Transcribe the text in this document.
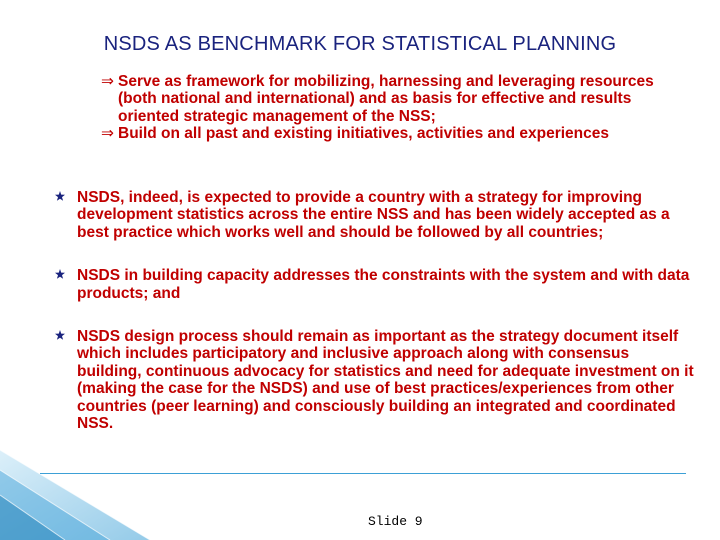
NSDS AS BENCHMARK FOR STATISTICAL PLANNING
⇒ Serve as framework for mobilizing, harnessing and leveraging resources (both national and international) and as basis for effective and results oriented strategic management of the NSS;
⇒ Build on all past and existing initiatives, activities and experiences
NSDS, indeed, is expected to provide a country with a strategy for improving development statistics across the entire NSS and has been widely accepted as a best practice which works well and should be followed by all countries;
NSDS in building capacity addresses the constraints with the system and with data products; and
NSDS design process should remain as important as the strategy document itself which includes participatory and inclusive approach along with consensus building, continuous advocacy for statistics and need for adequate investment on it (making the case for the NSDS) and use of best practices/experiences from other countries (peer learning) and consciously building an integrated and coordinated NSS.
Slide 9
